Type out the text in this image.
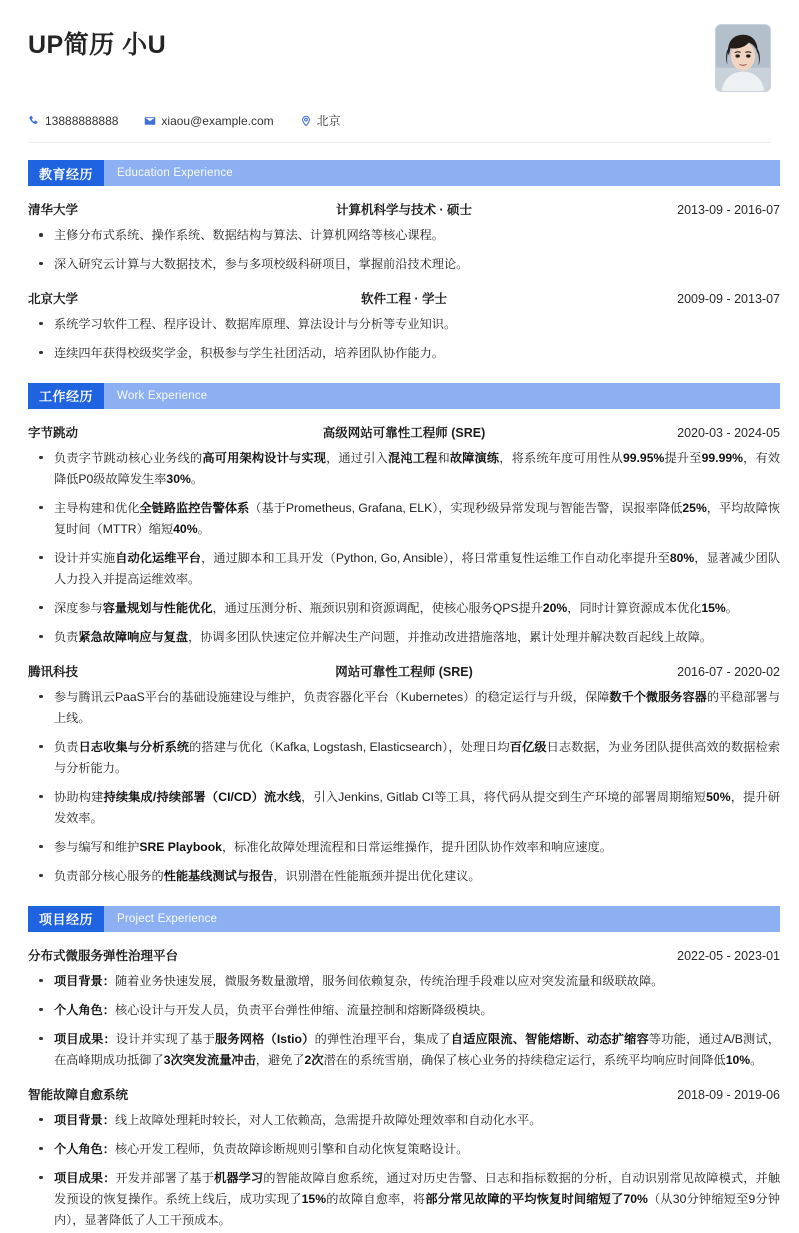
UP简历 小U
13888888888	xiaou@example.com	北京
教育经历	Education Experience
清华大学	计算机科学与技术 · 硕士	2013-09 - 2016-07
主修分布式系统、操作系统、数据结构与算法、计算机网络等核心课程。
深入研究云计算与大数据技术，参与多项校级科研项目，掌握前沿技术理论。
北京大学	软件工程 · 学士	2009-09 - 2013-07
系统学习软件工程、程序设计、数据库原理、算法设计与分析等专业知识。
连续四年获得校级奖学金，积极参与学生社团活动，培养团队协作能力。
工作经历	Work Experience
字节跳动	高级网站可靠性工程师 (SRE)	2020-03 - 2024-05
负责字节跳动核心业务线的高可用架构设计与实现，通过引入混沌工程和故障演练，将系统年度可用性从99.95%提升至99.99%，有效降低P0级故障发生率30%。
主导构建和优化全链路监控告警体系（基于Prometheus, Grafana, ELK），实现秒级异常发现与智能告警，误报率降低25%，平均故障恢复时间（MTTR）缩短40%。
设计并实施自动化运维平台，通过脚本和工具开发（Python, Go, Ansible），将日常重复性运维工作自动化率提升至80%，显著减少团队人力投入并提高运维效率。
深度参与容量规划与性能优化，通过压测分析、瓶颈识别和资源调配，使核心服务QPS提升20%，同时计算资源成本优化15%。
负责紧急故障响应与复盘，协调多团队快速定位并解决生产问题，并推动改进措施落地，累计处理并解决数百起线上故障。
腾讯科技	网站可靠性工程师 (SRE)	2016-07 - 2020-02
参与腾讯云PaaS平台的基础设施建设与维护，负责容器化平台（Kubernetes）的稳定运行与升级，保障数千个微服务容器的平稳部署与上线。
负责日志收集与分析系统的搭建与优化（Kafka, Logstash, Elasticsearch），处理日均百亿级日志数据，为业务团队提供高效的数据检索与分析能力。
协助构建持续集成/持续部署（CI/CD）流水线，引入Jenkins, Gitlab CI等工具，将代码从提交到生产环境的部署周期缩短50%，提升研发效率。
参与编写和维护SRE Playbook，标准化故障处理流程和日常运维操作，提升团队协作效率和响应速度。
负责部分核心服务的性能基线测试与报告，识别潜在性能瓶颈并提出优化建议。
项目经历	Project Experience
分布式微服务弹性治理平台	2022-05 - 2023-01
项目背景：随着业务快速发展，微服务数量激增，服务间依赖复杂，传统治理手段难以应对突发流量和级联故障。
个人角色：核心设计与开发人员，负责平台弹性伸缩、流量控制和熔断降级模块。
项目成果：设计并实现了基于服务网格（Istio）的弹性治理平台，集成了自适应限流、智能熔断、动态扩缩容等功能，通过A/B测试，在高峰期成功抵御了3次突发流量冲击，避免了2次潜在的系统雪崩，确保了核心业务的持续稳定运行，系统平均响应时间降低10%。
智能故障自愈系统	2018-09 - 2019-06
项目背景：线上故障处理耗时较长，对人工依赖高，急需提升故障处理效率和自动化水平。
个人角色：核心开发工程师，负责故障诊断规则引擎和自动化恢复策略设计。
项目成果：开发并部署了基于机器学习的智能故障自愈系统，通过对历史告警、日志和指标数据的分析，自动识别常见故障模式，并触发预设的恢复操作。系统上线后，成功实现了15%的故障自愈率，将部分常见故障的平均恢复时间缩短了70%（从30分钟缩短至9分钟内），显著降低了人工干预成本。
